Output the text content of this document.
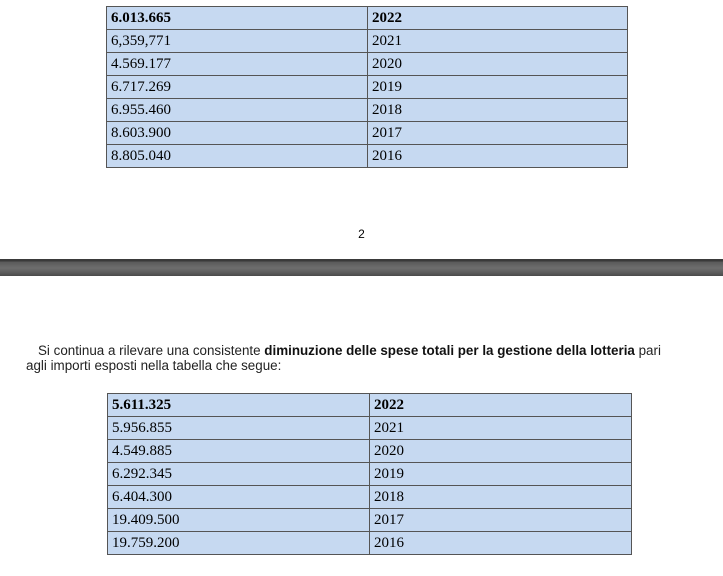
6.013.665	2022
6,359,771	2021
4.569.177	2020
6.717.269	2019
6.955.460	2018
8.603.900	2017
8.805.040	2016
2
Si continua a rilevare una consistente diminuzione delle spese totali per la gestione della lotteria pari
agli importi esposti nella tabella che segue:
5.611.325	2022
5.956.855	2021
4.549.885	2020
6.292.345	2019
6.404.300	2018
19.409.500	2017
19.759.200	2016
